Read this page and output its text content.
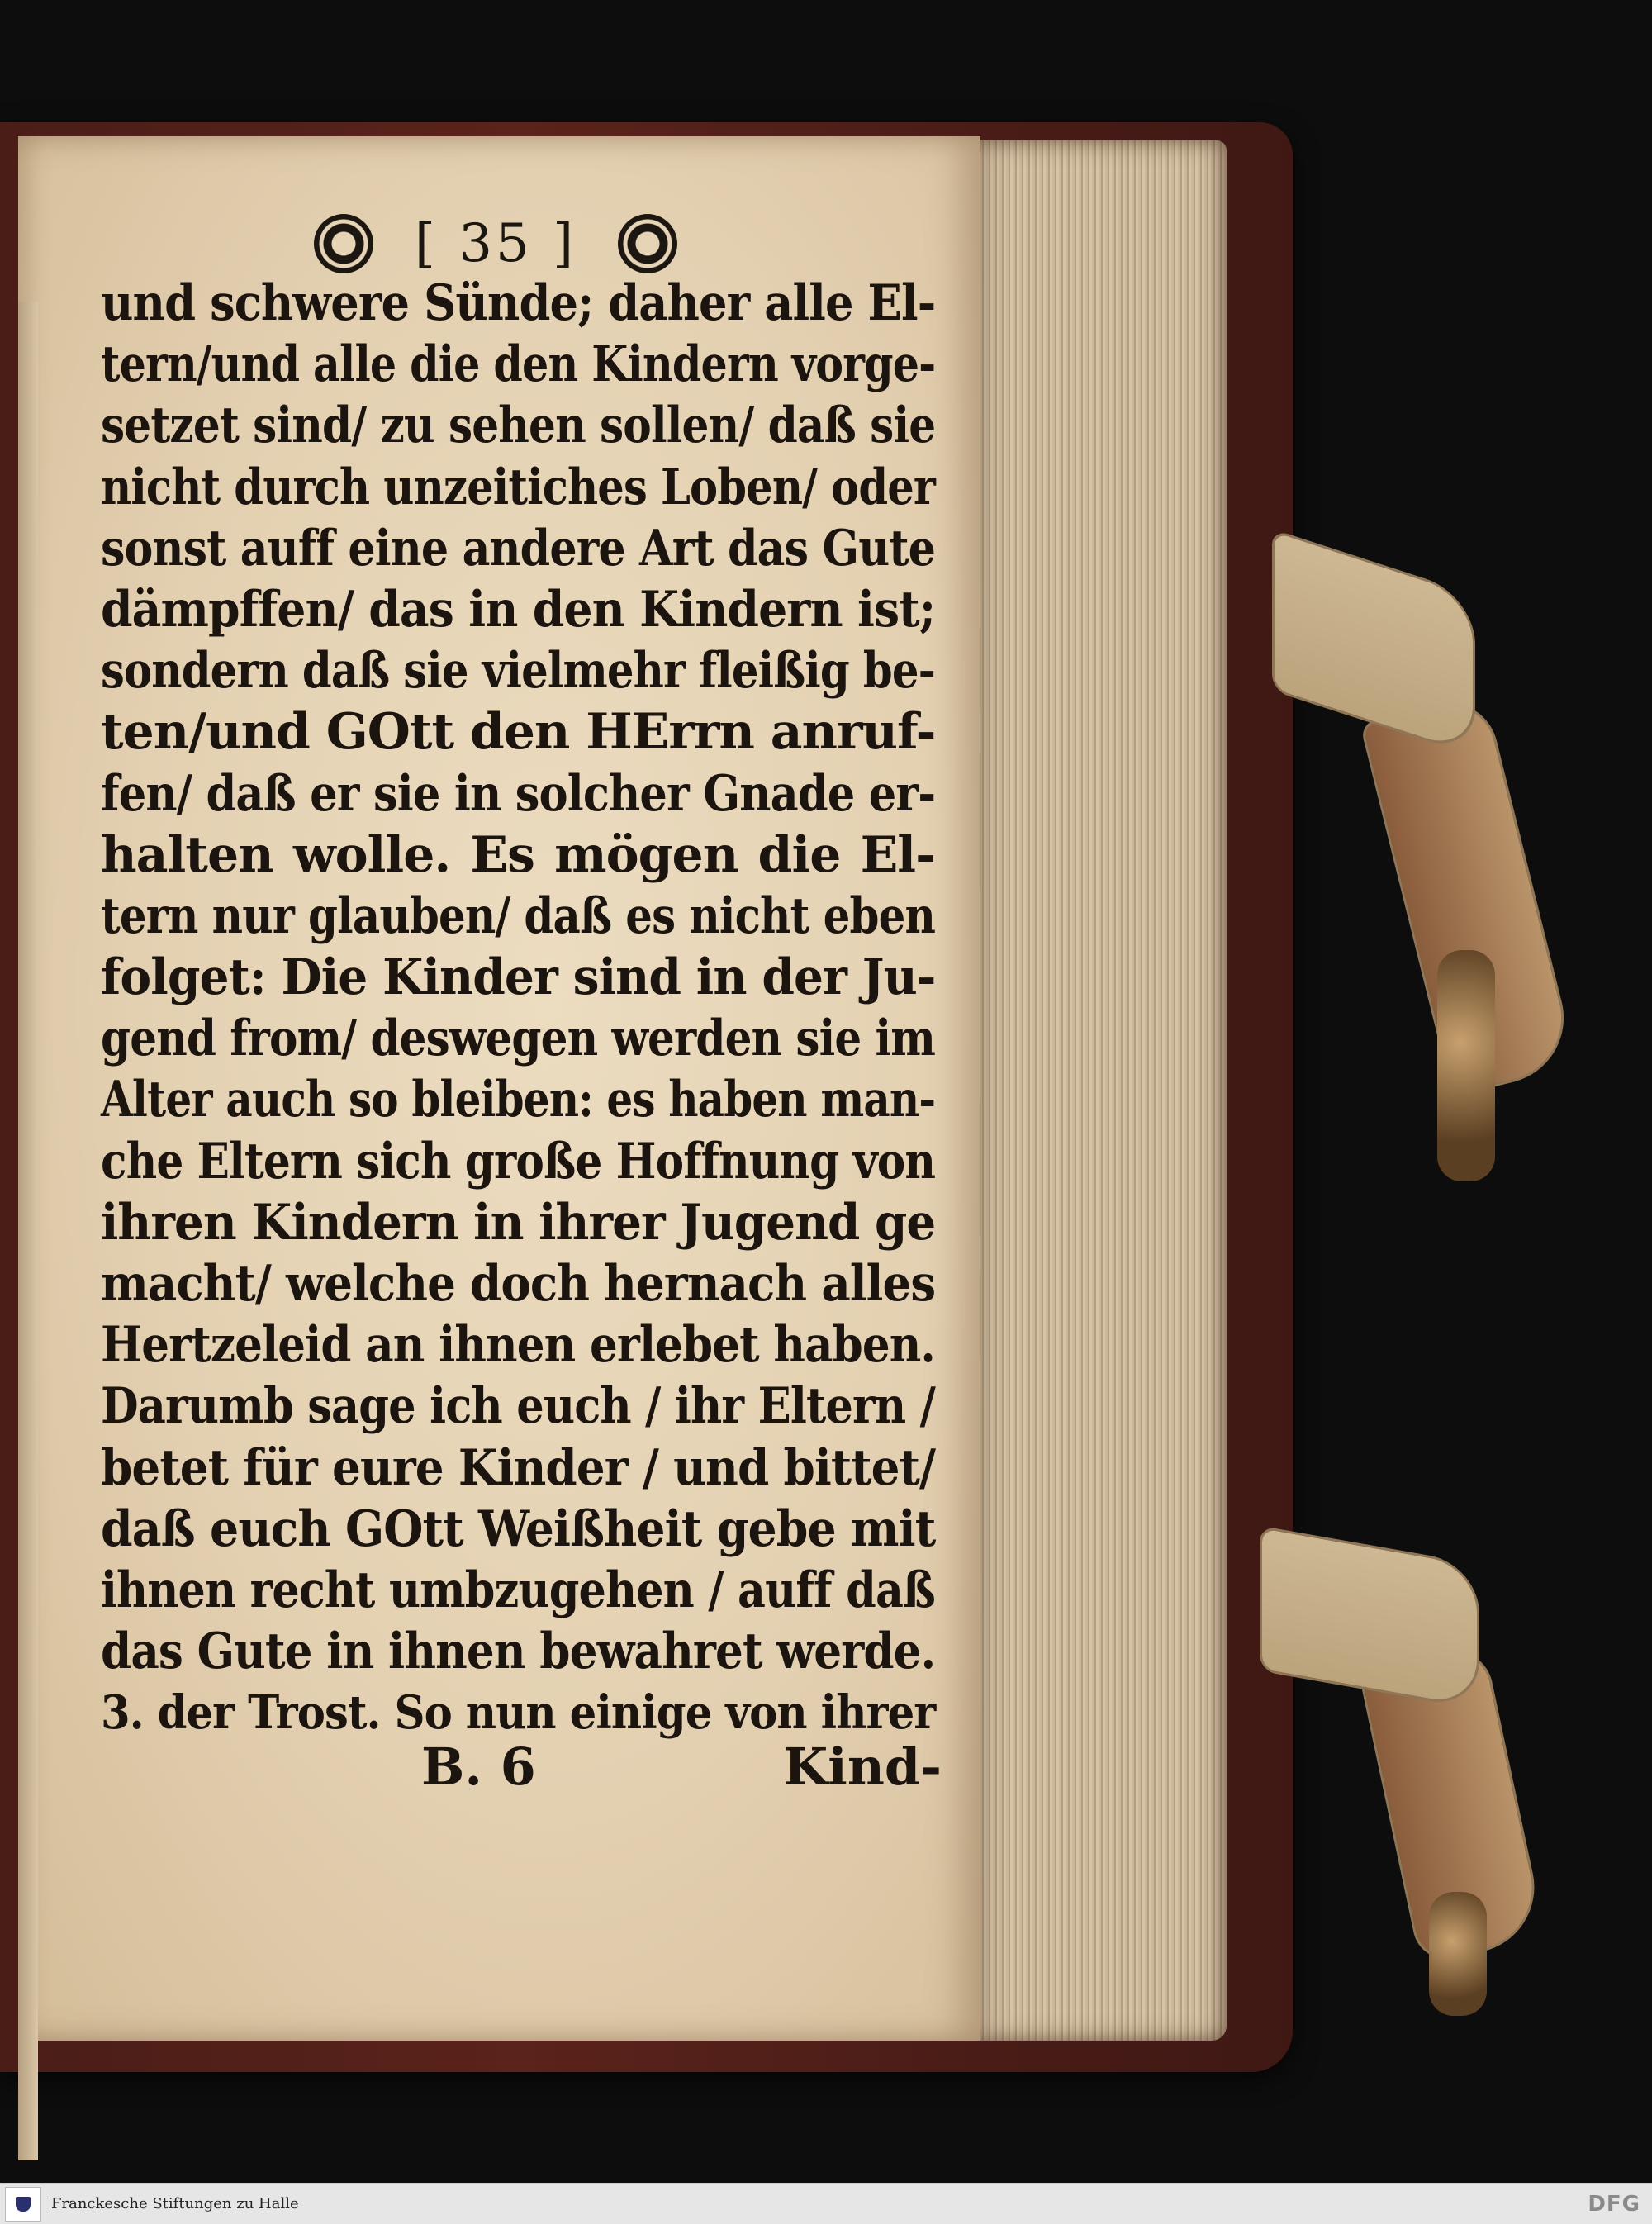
[ 35 ]
und schwere Sünde; daher alle El-
tern/und alle die den Kindern vorge-
setzet sind/ zu sehen sollen/ daß sie
nicht durch unzeitiches Loben/ oder
sonst auff eine andere Art das Gute
dämpffen/ das in den Kindern ist;
sondern daß sie vielmehr fleißig be-
ten/und GOtt den HErrn anruf-
fen/ daß er sie in solcher Gnade er-
halten wolle. Es mögen die El-
tern nur glauben/ daß es nicht eben
folget: Die Kinder sind in der Ju-
gend from/ deswegen werden sie im
Alter auch so bleiben: es haben man-
che Eltern sich große Hoffnung von
ihren Kindern in ihrer Jugend ge
macht/ welche doch hernach alles
Hertzeleid an ihnen erlebet haben.
Darumb sage ich euch / ihr Eltern /
betet für eure Kinder / und bittet/
daß euch GOtt Weißheit gebe mit
ihnen recht umbzugehen / auff daß
das Gute in ihnen bewahret werde.
3. der Trost. So nun einige von ihrer
B. 6	Kind-
Franckesche Stiftungen zu Halle	DFG
